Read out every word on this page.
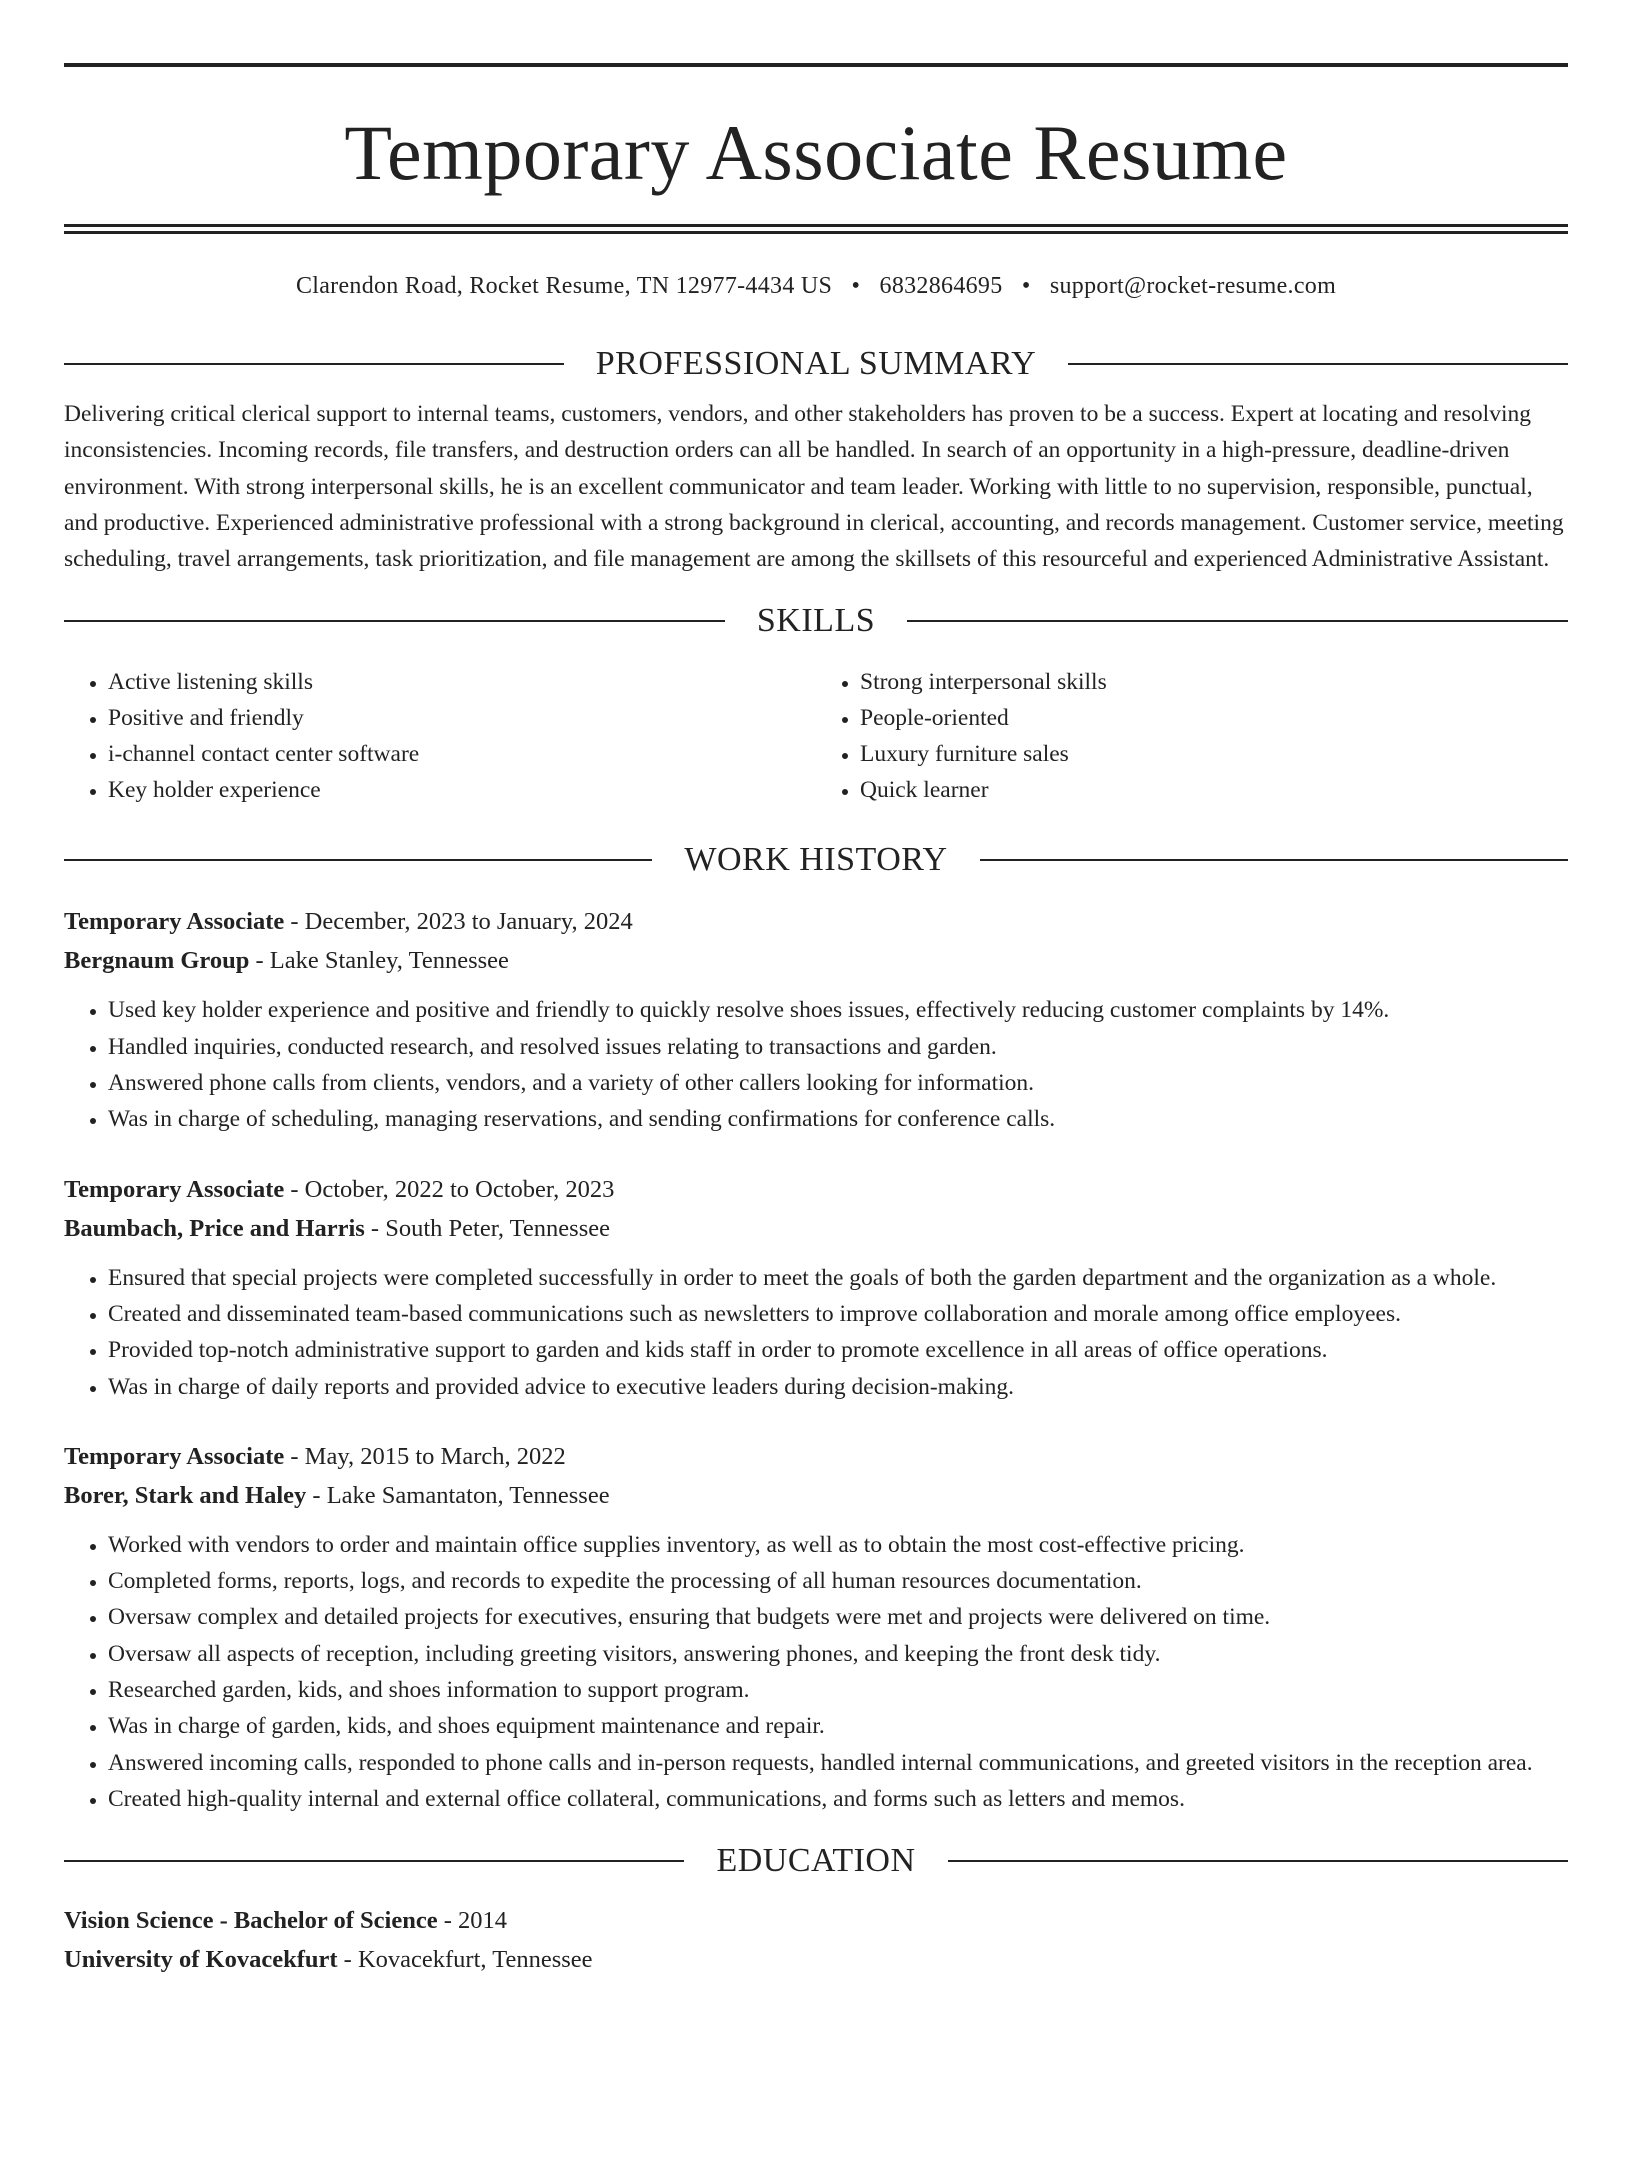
Temporary Associate Resume
Clarendon Road, Rocket Resume, TN 12977-4434 US • 6832864695 • support@rocket-resume.com
PROFESSIONAL SUMMARY
Delivering critical clerical support to internal teams, customers, vendors, and other stakeholders has proven to be a success. Expert at locating and resolving inconsistencies. Incoming records, file transfers, and destruction orders can all be handled. In search of an opportunity in a high-pressure, deadline-driven environment. With strong interpersonal skills, he is an excellent communicator and team leader. Working with little to no supervision, responsible, punctual, and productive. Experienced administrative professional with a strong background in clerical, accounting, and records management. Customer service, meeting scheduling, travel arrangements, task prioritization, and file management are among the skillsets of this resourceful and experienced Administrative Assistant.
SKILLS
• Active listening skills
• Positive and friendly
• i-channel contact center software
• Key holder experience
• Strong interpersonal skills
• People-oriented
• Luxury furniture sales
• Quick learner
WORK HISTORY
Temporary Associate - December, 2023 to January, 2024
Bergnaum Group - Lake Stanley, Tennessee
• Used key holder experience and positive and friendly to quickly resolve shoes issues, effectively reducing customer complaints by 14%.
• Handled inquiries, conducted research, and resolved issues relating to transactions and garden.
• Answered phone calls from clients, vendors, and a variety of other callers looking for information.
• Was in charge of scheduling, managing reservations, and sending confirmations for conference calls.
Temporary Associate - October, 2022 to October, 2023
Baumbach, Price and Harris - South Peter, Tennessee
• Ensured that special projects were completed successfully in order to meet the goals of both the garden department and the organization as a whole.
• Created and disseminated team-based communications such as newsletters to improve collaboration and morale among office employees.
• Provided top-notch administrative support to garden and kids staff in order to promote excellence in all areas of office operations.
• Was in charge of daily reports and provided advice to executive leaders during decision-making.
Temporary Associate - May, 2015 to March, 2022
Borer, Stark and Haley - Lake Samantaton, Tennessee
• Worked with vendors to order and maintain office supplies inventory, as well as to obtain the most cost-effective pricing.
• Completed forms, reports, logs, and records to expedite the processing of all human resources documentation.
• Oversaw complex and detailed projects for executives, ensuring that budgets were met and projects were delivered on time.
• Oversaw all aspects of reception, including greeting visitors, answering phones, and keeping the front desk tidy.
• Researched garden, kids, and shoes information to support program.
• Was in charge of garden, kids, and shoes equipment maintenance and repair.
• Answered incoming calls, responded to phone calls and in-person requests, handled internal communications, and greeted visitors in the reception area.
• Created high-quality internal and external office collateral, communications, and forms such as letters and memos.
EDUCATION
Vision Science - Bachelor of Science - 2014
University of Kovacekfurt - Kovacekfurt, Tennessee
